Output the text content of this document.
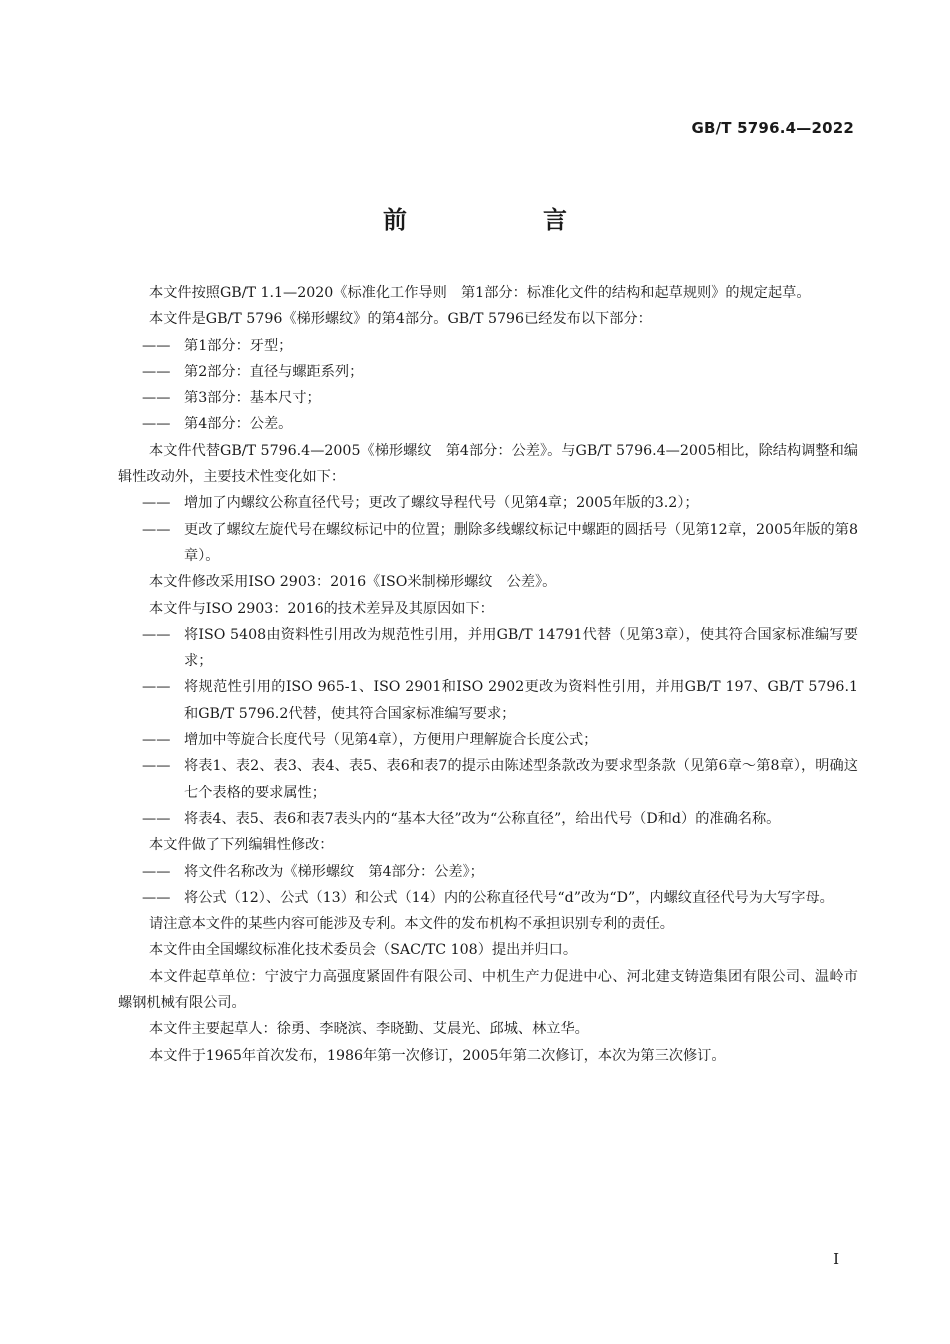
GB/T 5796.4—2022
前　言

本文件按照GB/T 1.1—2020《标准化工作导则　第1部分：标准化文件的结构和起草规则》的规定起草。

本文件是GB/T 5796《梯形螺纹》的第4部分。GB/T 5796已经发布以下部分：

—— 第1部分：牙型；

—— 第2部分：直径与螺距系列；

—— 第3部分：基本尺寸；

—— 第4部分：公差。

本文件代替GB/T 5796.4—2005《梯形螺纹　第4部分：公差》。与GB/T 5796.4—2005相比，除结构调整和编辑性改动外，主要技术性变化如下：

—— 增加了内螺纹公称直径代号；更改了螺纹导程代号（见第4章；2005年版的3.2）；

—— 更改了螺纹左旋代号在螺纹标记中的位置；删除多线螺纹标记中螺距的圆括号（见第12章，2005年版的第8章）。

本文件修改采用ISO 2903：2016《ISO米制梯形螺纹　公差》。

本文件与ISO 2903：2016的技术差异及其原因如下：

—— 将ISO 5408由资料性引用改为规范性引用，并用GB/T 14791代替（见第3章），使其符合国家标准编写要求；

—— 将规范性引用的ISO 965-1、ISO 2901和ISO 2902更改为资料性引用，并用GB/T 197、GB/T 5796.1和GB/T 5796.2代替，使其符合国家标准编写要求；

—— 增加中等旋合长度代号（见第4章），方便用户理解旋合长度公式；

—— 将表1、表2、表3、表4、表5、表6和表7的提示由陈述型条款改为要求型条款（见第6章～第8章），明确这七个表格的要求属性；

—— 将表4、表5、表6和表7表头内的“基本大径”改为“公称直径”，给出代号（D和d）的准确名称。

本文件做了下列编辑性修改：

—— 将文件名称改为《梯形螺纹　第4部分：公差》；

—— 将公式（12）、公式（13）和公式（14）内的公称直径代号“d”改为“D”，内螺纹直径代号为大写字母。

请注意本文件的某些内容可能涉及专利。本文件的发布机构不承担识别专利的责任。

本文件由全国螺纹标准化技术委员会（SAC/TC 108）提出并归口。

本文件起草单位：宁波宁力高强度紧固件有限公司、中机生产力促进中心、河北建支铸造集团有限公司、温岭市螺钢机械有限公司。

本文件主要起草人：徐勇、李晓滨、李晓勤、艾晨光、邱城、林立华。

本文件于1965年首次发布，1986年第一次修订，2005年第二次修订，本次为第三次修订。

I
